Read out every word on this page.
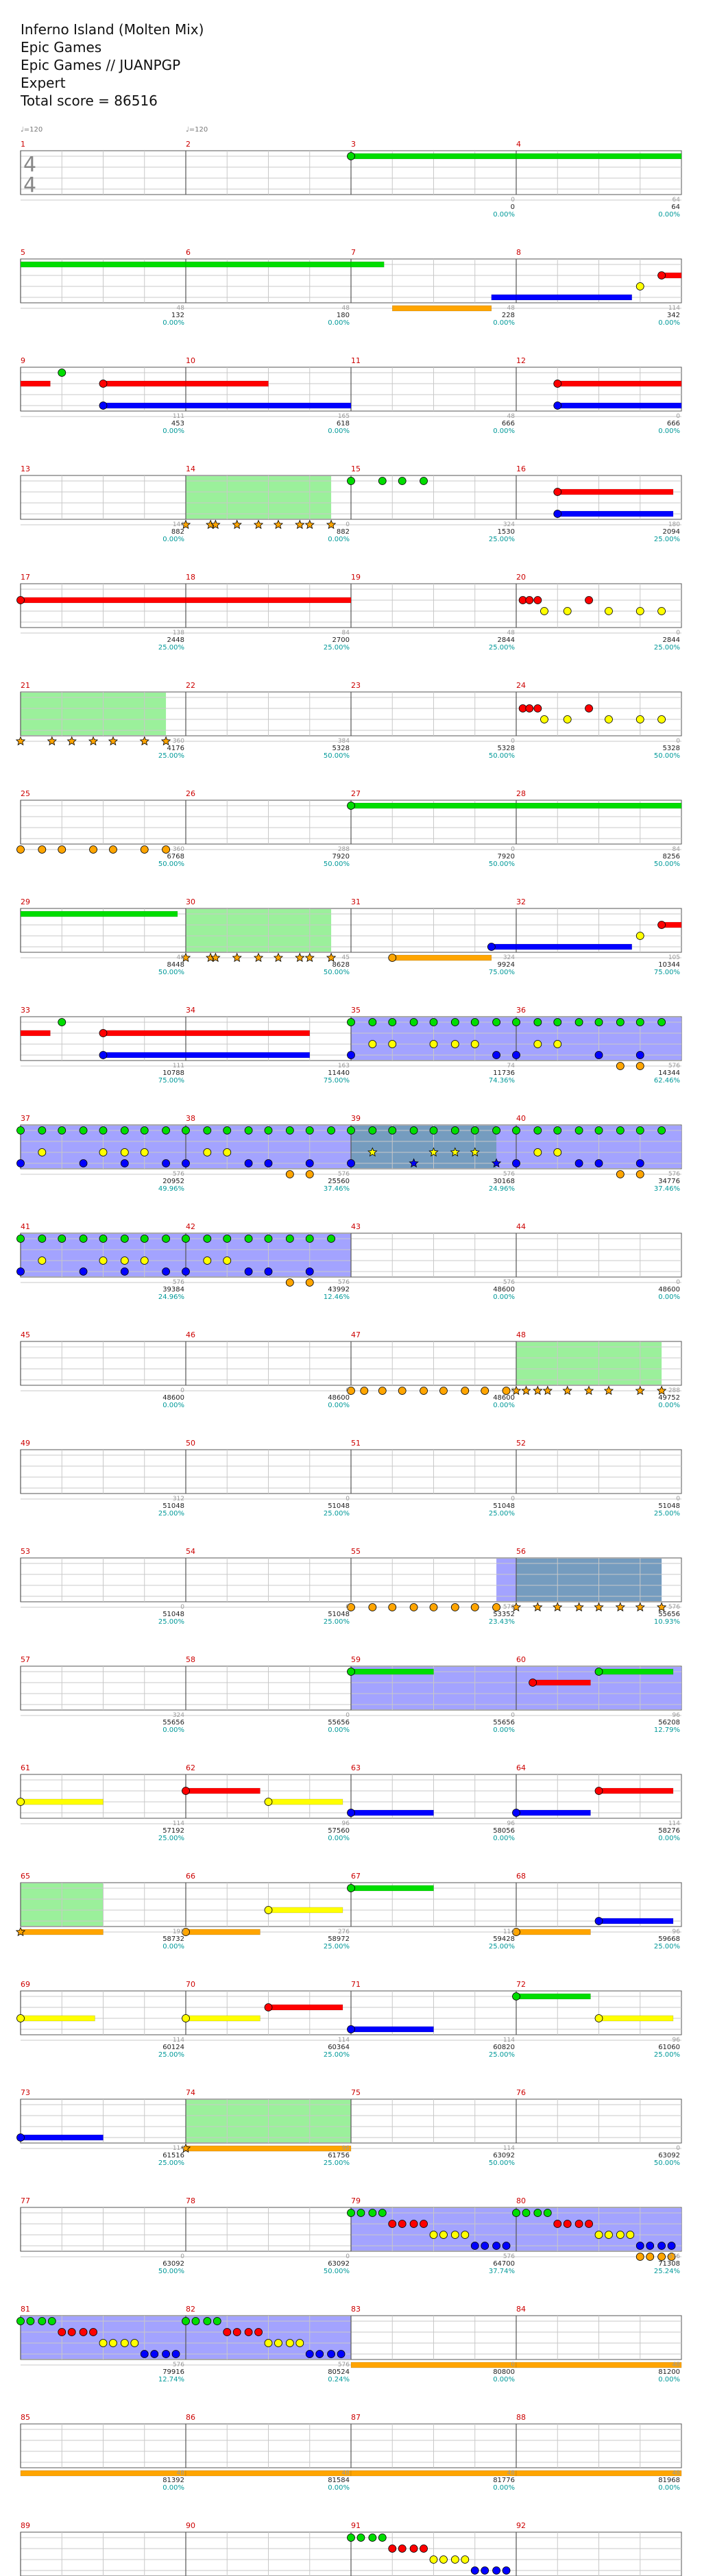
Inferno Island (Molten Mix)
Epic Games
Epic Games // JUANPGP
Expert
Total score = 86516
1	2	3
0
0
0.00%
4
64
64
0.00%
5
48
132
0.00%
6
48
180
0.00%
7
48
228
0.00%
8
114
342
0.00%
9
111
453
0.00%
10
165
618
0.00%
11
48
666
0.00%
12
0
666
0.00%
13
144
882
0.00%
14
0
882
0.00%
15
324
1530
25.00%
16
180
2094
25.00%
17
138
2448
25.00%
18
84
2700
25.00%
19
48
2844
25.00%
20
0
2844
25.00%
21
360
4176
25.00%
22
384
5328
50.00%
23
0
5328
50.00%
24
0
5328
50.00%
25
360
6768
50.00%
26
288
7920
50.00%
27
0
7920
50.00%
28
84
8256
50.00%
29
48
8448
50.00%
30
45
8628
50.00%
31
324
9924
75.00%
32
105
10344
75.00%
33
111
10788
75.00%
34
163
11440
75.00%
35
74
11736
74.36%
36
576
14344
62.46%
37
576
20952
49.96%
38
576
25560
37.46%
39
576
30168
24.96%
40
576
34776
37.46%
41
576
39384
24.96%
42
576
43992
12.46%
43
576
48600
0.00%
44
0
48600
0.00%
45
0
48600
0.00%
46
0
48600
0.00%
47
0
48600
0.00%
48
288
49752
0.00%
49
312
51048
25.00%
50
0
51048
25.00%
51
0
51048
25.00%
52
0
51048
25.00%
53
0
51048
25.00%
54
0
51048
25.00%
55
576
53352
23.43%
56
576
55656
10.93%
57
324
55656
0.00%
58
0
55656
0.00%
59
0
55656
0.00%
60
96
56208
12.79%
61
114
57192
25.00%
62
96
57560
0.00%
63
96
58056
0.00%
64
114
58276
0.00%
65
192
58732
0.00%
66
276
58972
25.00%
67
114
59428
25.00%
68
96
59668
25.00%
69
114
60124
25.00%
70
114
60364
25.00%
71
114
60820
25.00%
72
96
61060
25.00%
73
114
61516
25.00%
74
96
61756
25.00%
75
114
63092
50.00%
76
0
63092
50.00%
77
0
63092
50.00%
78
0
63092
50.00%
79
576
64700
37.74%
80
576
71308
25.24%
81
576
79916
12.74%
82
576
80524
0.24%
83
0
80800
0.00%
84
48
81200
0.00%
85
48
81392
0.00%
86
48
81584
0.00%
87
48
81776
0.00%
88
48
81968
0.00%
89	90	91	92
♩=120	♩=120
4
4
